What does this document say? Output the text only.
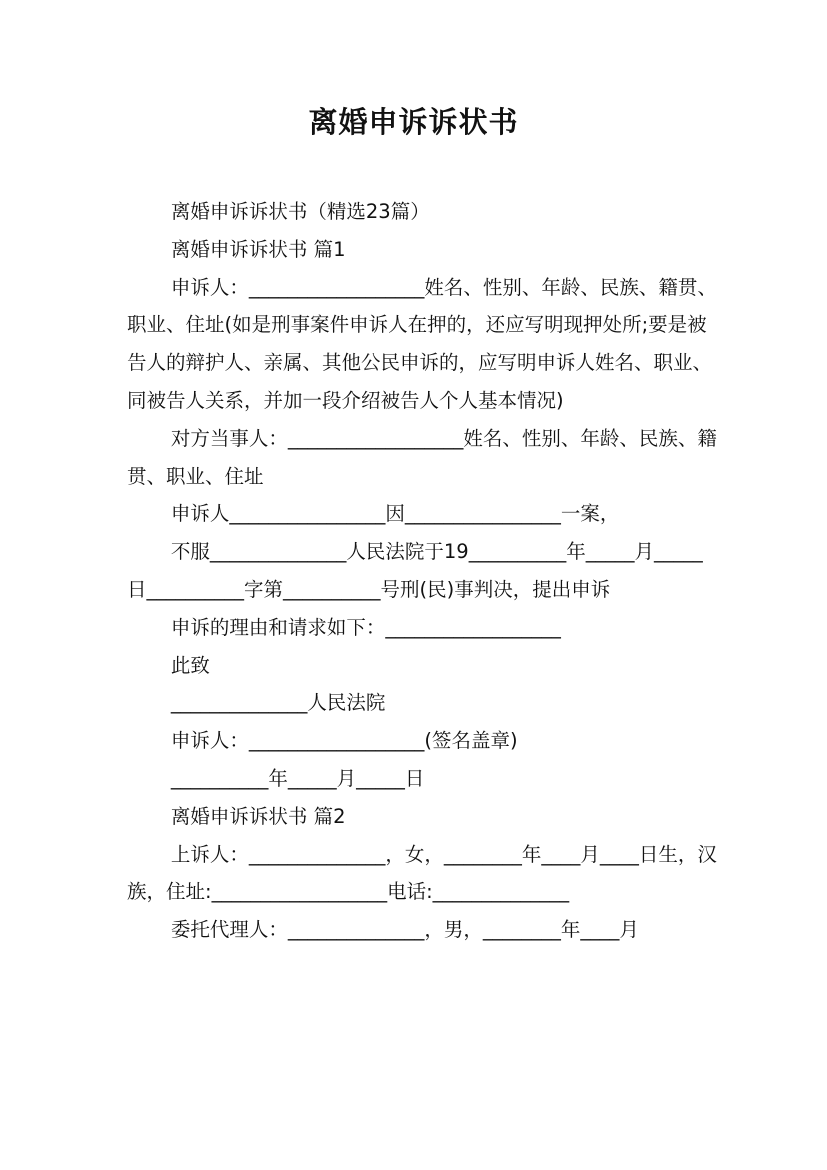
离婚申诉诉状书

离婚申诉诉状书（精选23篇）

离婚申诉诉状书 篇1

申诉人：__________________姓名、性别、年龄、民族、籍贯、职业、住址(如是刑事案件申诉人在押的，还应写明现押处所;要是被告人的辩护人、亲属、其他公民申诉的，应写明申诉人姓名、职业、同被告人关系，并加一段介绍被告人个人基本情况)

对方当事人：__________________姓名、性别、年龄、民族、籍贯、职业、住址

申诉人________________因________________一案，

不服______________人民法院于19__________年_____月_____日__________字第__________号刑(民)事判决，提出申诉

申诉的理由和请求如下：__________________

此致

______________人民法院

申诉人：__________________(签名盖章)

__________年_____月_____日

离婚申诉诉状书 篇2

上诉人：______________，女，________年____月____日生，汉族，住址:__________________电话:______________

委托代理人：______________，男，________年____月
